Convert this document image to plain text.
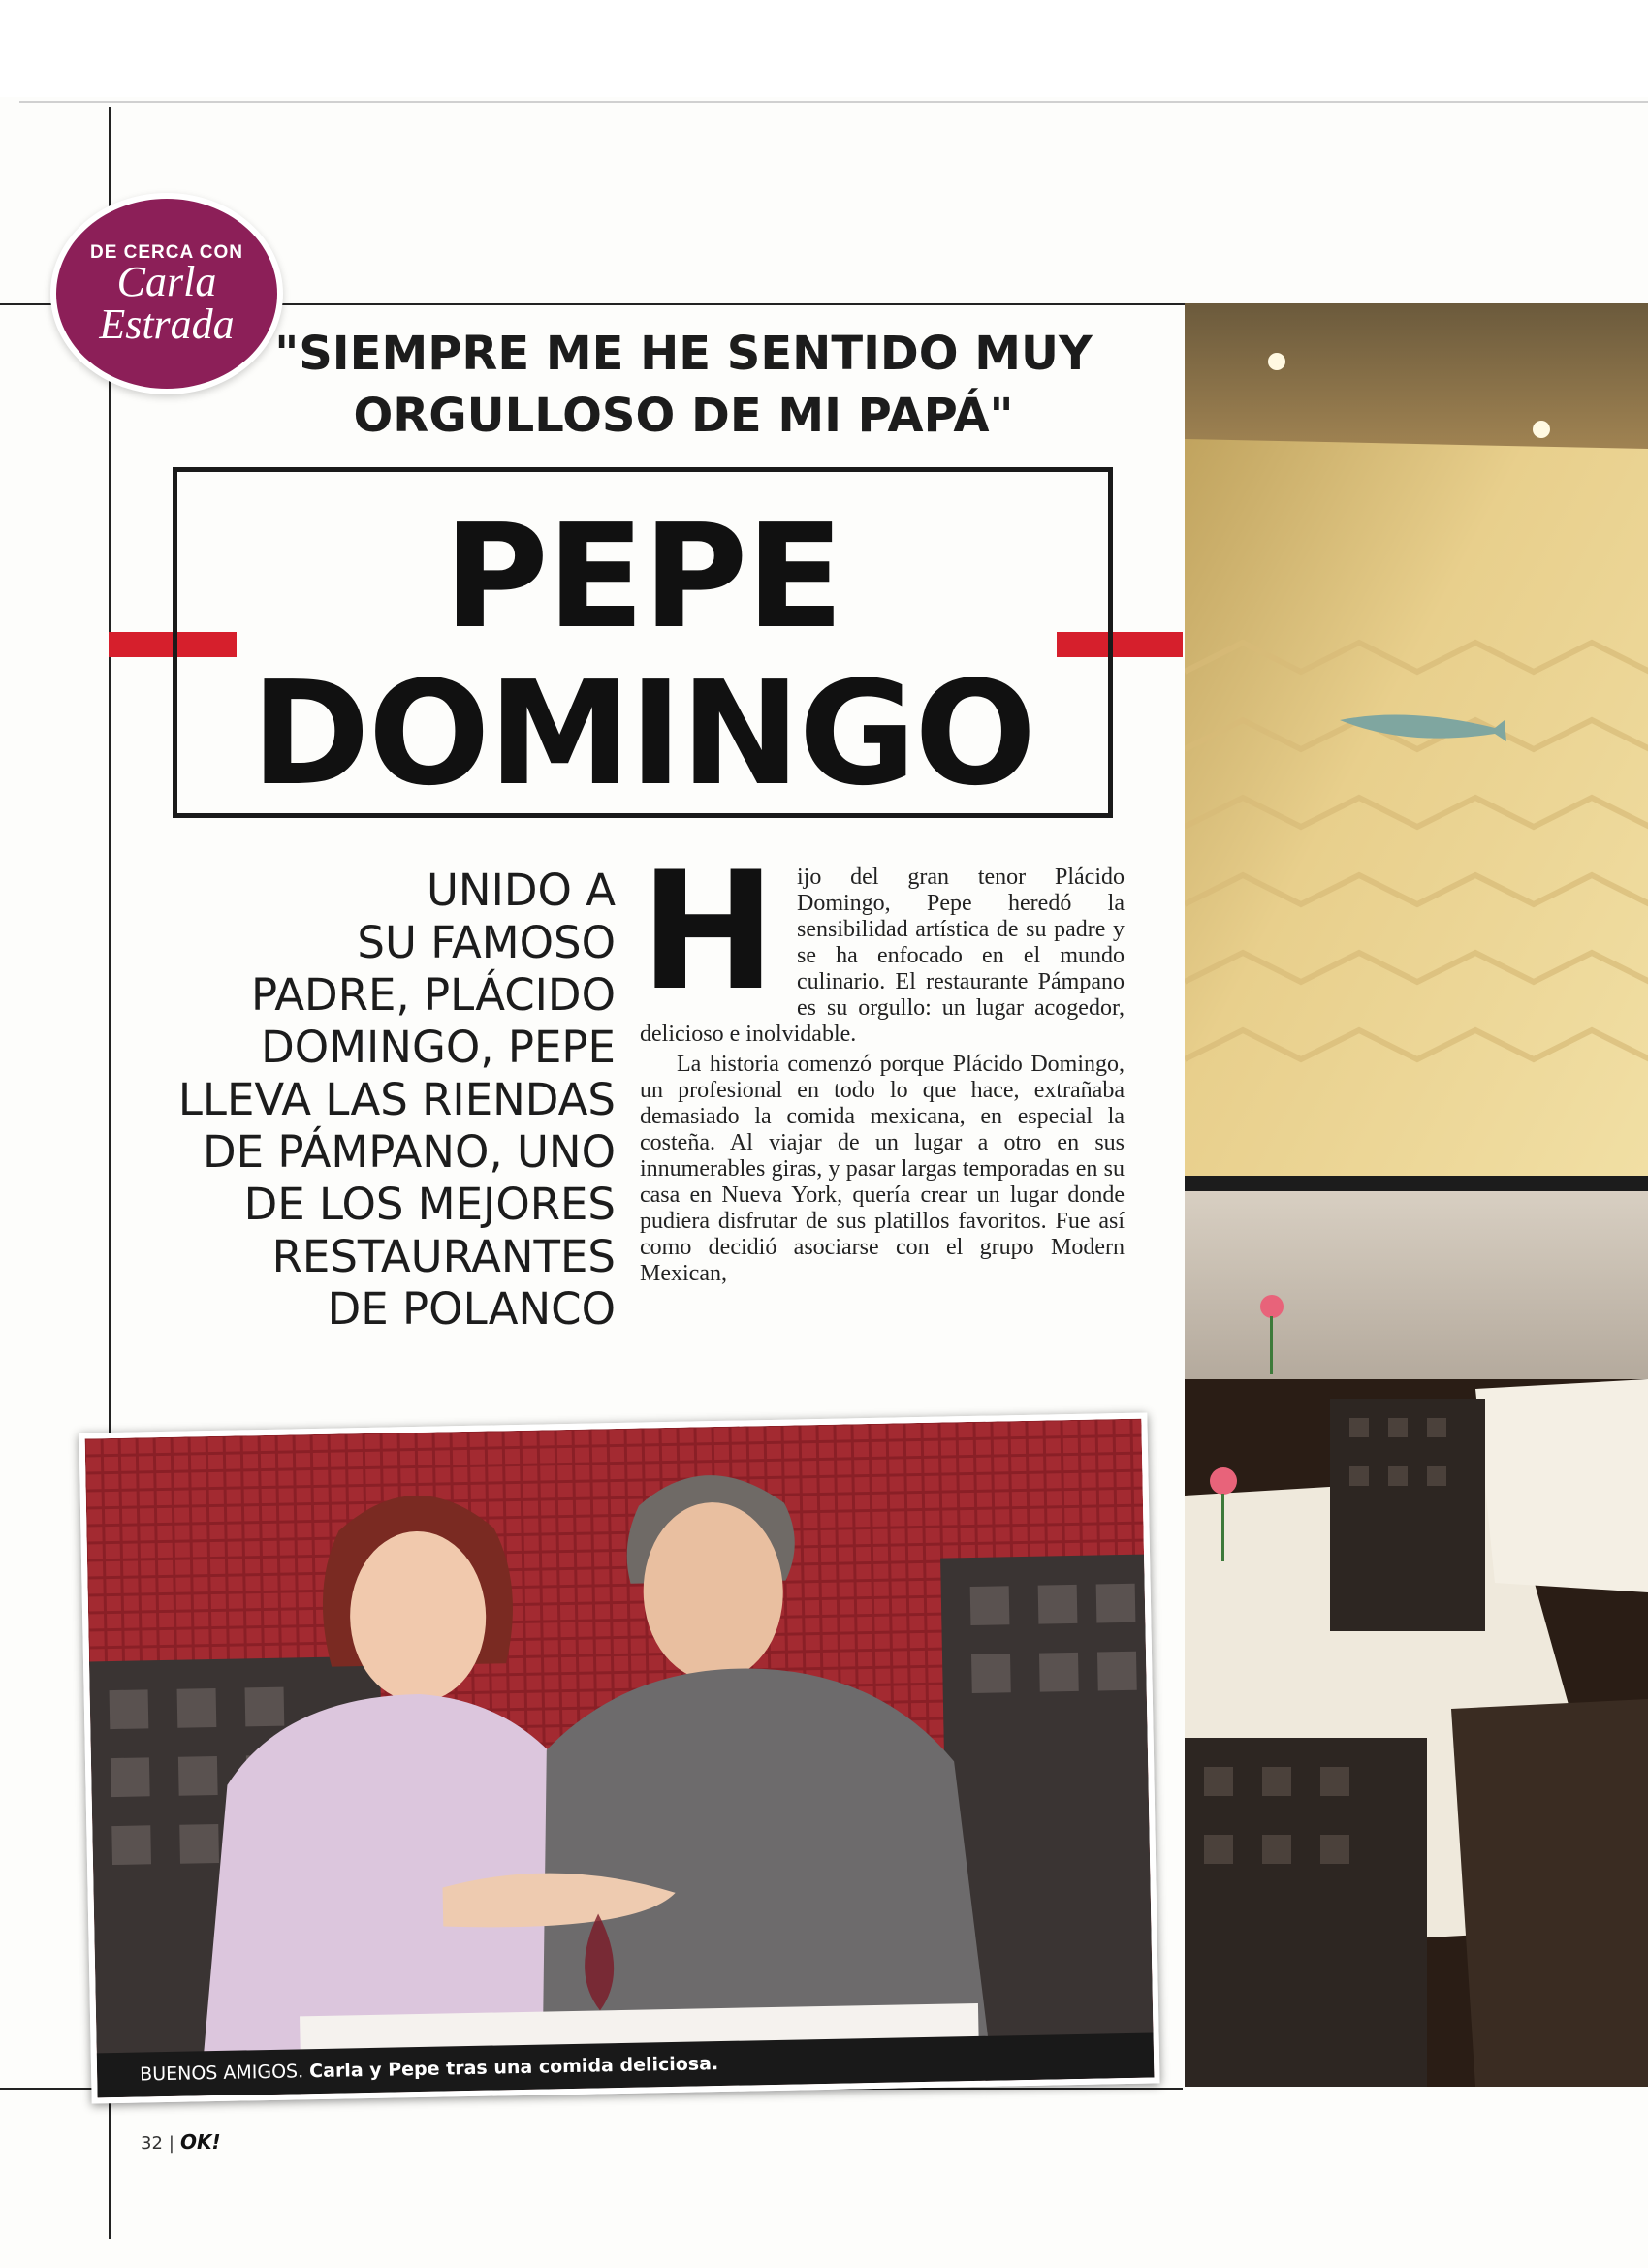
DE CERCA CON
Carla
Estrada
"SIEMPRE ME HE SENTIDO MUY
ORGULLOSO DE MI PAPÁ"
PEPE
DOMINGO
UNIDO A
SU FAMOSO
PADRE, PLÁCIDO
DOMINGO, PEPE
LLEVA LAS RIENDAS
DE PÁMPANO, UNO
DE LOS MEJORES
RESTAURANTES
DE POLANCO
H ijo del gran tenor Plácido Domingo, Pepe heredó la sensibilidad artística de su padre y se ha enfocado en el mundo culinario. El restaurante Pámpano es su orgullo: un lugar acogedor, delicioso e inolvidable.

La historia comenzó porque Plácido Domingo, un profesional en todo lo que hace, extrañaba demasiado la comida mexicana, en especial la costeña. Al viajar de un lugar a otro en sus innumerables giras, y pasar largas temporadas en su casa en Nueva York, quería crear un lugar donde pudiera disfrutar de sus platillos favoritos. Fue así como decidió asociarse con el grupo Modern Mexican,

BUENOS AMIGOS. Carla y Pepe tras una comida deliciosa.
32 | OK!
